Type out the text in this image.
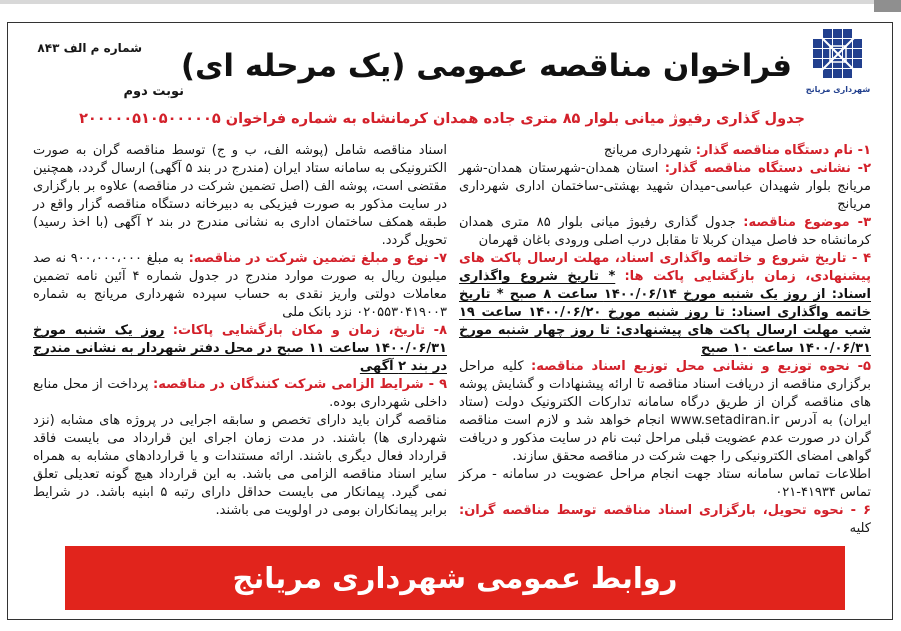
شهرداری مریانج
فراخوان مناقصه عمومی (یک مرحله ای)
شماره م الف ۸۴۳
نوبت دوم
جدول گذاری رفیوژ میانی بلوار ۸۵ متری جاده همدان کرمانشاه به شماره فراخوان ۲۰۰۰۰۰۵۱۰۵۰۰۰۰۰۵

۱- نام دستگاه مناقصه گذار: شهرداری مریانج

۲- نشانی دستگاه مناقصه گذار: استان همدان-شهرستان همدان-شهر مریانج بلوار شهیدان عباسی-میدان شهید بهشتی-ساختمان اداری شهرداری مریانج

۳- موضوع مناقصه: جدول گذاری رفیوژ میانی بلوار ۸۵ متری همدان کرمانشاه حد فاصل میدان کربلا تا مقابل درب اصلی ورودی باغان قهرمان

۴ - تاریخ شروع و خاتمه واگذاری اسناد، مهلت ارسال پاکت های پیشنهادی، زمان بازگشایی پاکت ها: * تاریخ شروع واگذاری اسناد: از روز یک شنبه مورخ ۱۴۰۰/۰۶/۱۴ ساعت ۸ صبح * تاریخ خاتمه واگذاری اسناد: تا روز شنبه مورخ ۱۴۰۰/۰۶/۲۰ ساعت ۱۹ شب مهلت ارسال پاکت های پیشنهادی: تا روز چهار شنبه مورخ ۱۴۰۰/۰۶/۳۱ ساعت ۱۰ صبح

۵- نحوه توزیع و نشانی محل توزیع اسناد مناقصه: کلیه مراحل برگزاری مناقصه از دریافت اسناد مناقصه تا ارائه پیشنهادات و گشایش پوشه های مناقصه گران از طریق درگاه سامانه تدارکات الکترونیک دولت (ستاد ایران) به آدرس www.setadiran.ir انجام خواهد شد و لازم است مناقصه گران در صورت عدم عضویت قبلی مراحل ثبت نام در سایت مذکور و دریافت گواهی امضای الکترونیکی را جهت شرکت در مناقصه محقق سازند.

اطلاعات تماس سامانه ستاد جهت انجام مراحل عضویت در سامانه - مرکز تماس ۰۲۱-۴۱۹۳۴

۶ - نحوه تحویل، بارگزاری اسناد مناقصه توسط مناقصه گران: کلیه

اسناد مناقصه شامل (پوشه الف، ب و ج) توسط مناقصه گران به صورت الکترونیکی به سامانه ستاد ایران (مندرج در بند ۵ آگهی) ارسال گردد، همچنین مقتضی است، پوشه الف (اصل تضمین شرکت در مناقصه) علاوه بر بارگزاری در سایت مذکور به صورت فیزیکی به دبیرخانه دستگاه مناقصه گزار واقع در طبقه همکف ساختمان اداری به نشانی مندرج در بند ۲ آگهی (با اخذ رسید) تحویل گردد.

۷- نوع و مبلغ تضمین شرکت در مناقصه: به مبلغ ۹۰۰،۰۰۰،۰۰۰ نه صد میلیون ریال به صورت موارد مندرج در جدول شماره ۴ آئین نامه تضمین معاملات دولتی واریز نقدی به حساب سپرده شهرداری مریانج به شماره ۰۲۰۵۵۳۰۴۱۹۰۰۳ نزد بانک ملی

۸- تاریخ، زمان و مکان بازگشایی پاکات: روز یک شنبه مورخ ۱۴۰۰/۰۶/۳۱ ساعت ۱۱ صبح در محل دفتر شهردار به نشانی مندرج در بند ۲ آگهی

۹ - شرایط الزامی شرکت کنندگان در مناقصه: پرداخت از محل منابع داخلی شهرداری بوده.

مناقصه گران باید دارای تخصص و سابقه اجرایی در پروژه های مشابه (نزد شهرداری ها) باشند. در مدت زمان اجرای این قرارداد می بایست فاقد قرارداد فعال دیگری باشند. ارائه مستندات و یا قراردادهای مشابه به همراه سایر اسناد مناقصه الزامی می باشد. به این قرارداد هیچ گونه تعدیلی تعلق نمی گیرد. پیمانکار می بایست حداقل دارای رتبه ۵ ابنیه باشد. در شرایط برابر پیمانکاران بومی در اولویت می باشند.

روابط عمومی شهرداری مریانج
